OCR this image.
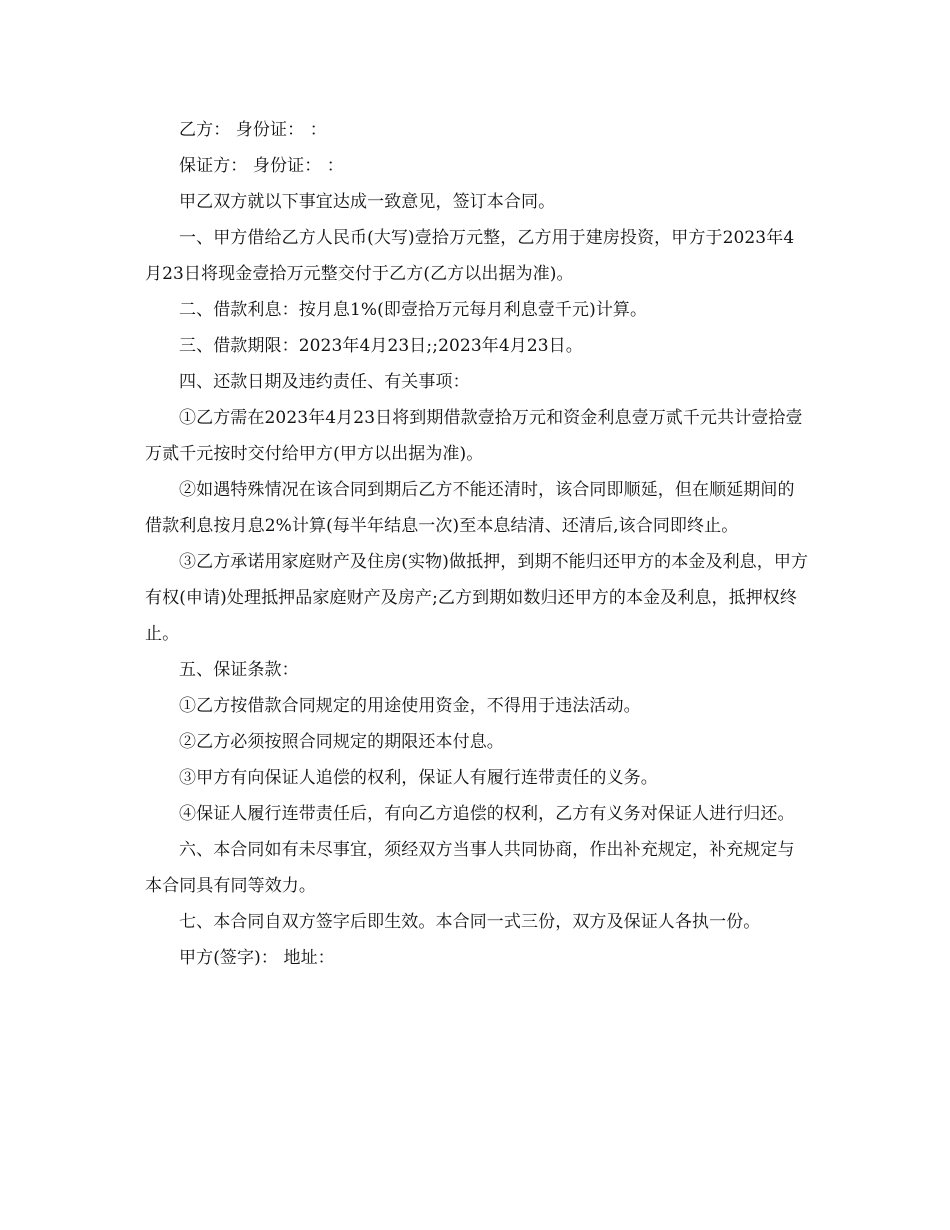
乙方： 身份证： ：

保证方： 身份证： ：

甲乙双方就以下事宜达成一致意见，签订本合同。

一、甲方借给乙方人民币(大写)壹拾万元整，乙方用于建房投资，甲方于2023年4月23日将现金壹拾万元整交付于乙方(乙方以出据为准)。

二、借款利息：按月息1%(即壹拾万元每月利息壹千元)计算。

三、借款期限：2023年4月23日;;2023年4月23日。

四、还款日期及违约责任、有关事项：

①乙方需在2023年4月23日将到期借款壹拾万元和资金利息壹万贰千元共计壹拾壹万贰千元按时交付给甲方(甲方以出据为准)。

②如遇特殊情况在该合同到期后乙方不能还清时，该合同即顺延，但在顺延期间的借款利息按月息2%计算(每半年结息一次)至本息结清、还清后,该合同即终止。

③乙方承诺用家庭财产及住房(实物)做抵押，到期不能归还甲方的本金及利息，甲方有权(申请)处理抵押品家庭财产及房产;乙方到期如数归还甲方的本金及利息，抵押权终止。

五、保证条款：

①乙方按借款合同规定的用途使用资金，不得用于违法活动。

②乙方必须按照合同规定的期限还本付息。

③甲方有向保证人追偿的权利，保证人有履行连带责任的义务。

④保证人履行连带责任后，有向乙方追偿的权利，乙方有义务对保证人进行归还。

六、本合同如有未尽事宜，须经双方当事人共同协商，作出补充规定，补充规定与本合同具有同等效力。

七、本合同自双方签字后即生效。本合同一式三份，双方及保证人各执一份。

甲方(签字)： 地址：
